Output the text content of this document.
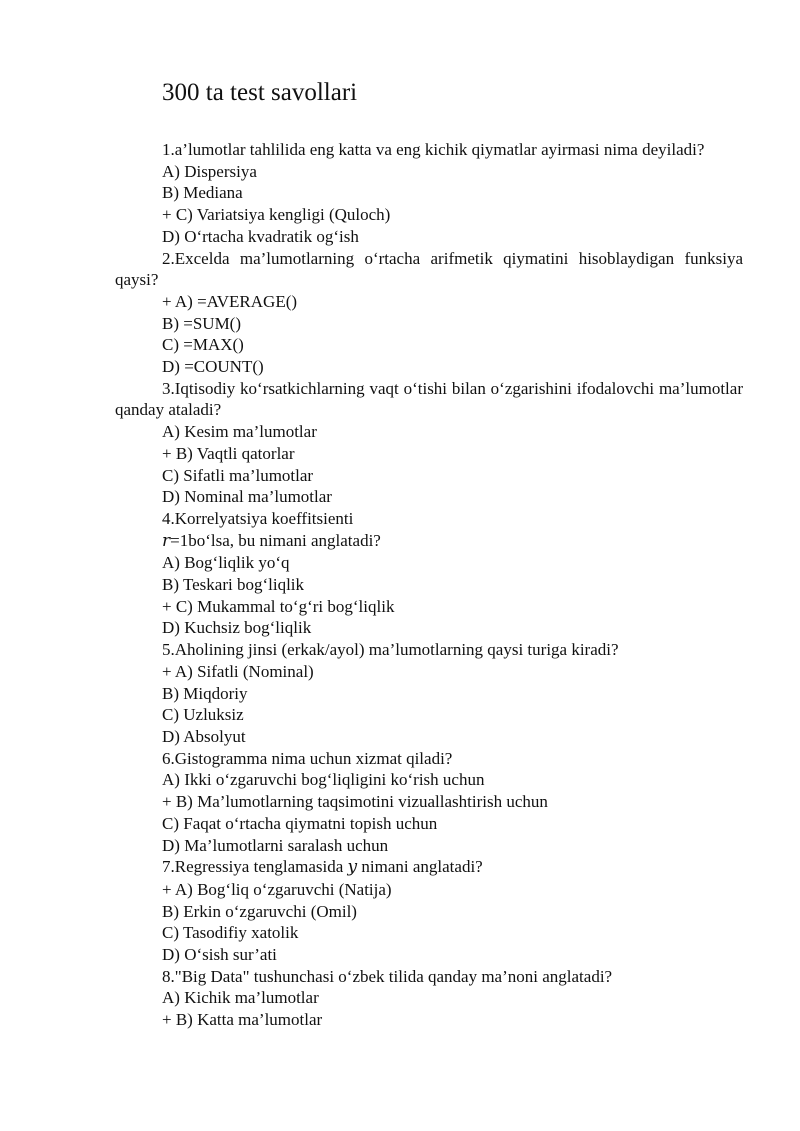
300 ta test savollari

1.a’lumotlar tahlilida eng katta va eng kichik qiymatlar ayirmasi nima deyiladi?

A) Dispersiya

B) Mediana

+ C) Variatsiya kengligi (Quloch)

D) O‘rtacha kvadratik og‘ish

2.Excelda ma’lumotlarning o‘rtacha arifmetik qiymatini hisoblaydigan funksiya qaysi?

+ A) =AVERAGE()

B) =SUM()

C) =MAX()

D) =COUNT()

3.Iqtisodiy ko‘rsatkichlarning vaqt o‘tishi bilan o‘zgarishini ifodalovchi ma’lumotlar qanday ataladi?

A) Kesim ma’lumotlar

+ B) Vaqtli qatorlar

C) Sifatli ma’lumotlar

D) Nominal ma’lumotlar

4.Korrelyatsiya koeffitsienti

r=1bo‘lsa, bu nimani anglatadi?

A) Bog‘liqlik yo‘q

B) Teskari bog‘liqlik

+ C) Mukammal to‘g‘ri bog‘liqlik

D) Kuchsiz bog‘liqlik

5.Aholining jinsi (erkak/ayol) ma’lumotlarning qaysi turiga kiradi?

+ A) Sifatli (Nominal)

B) Miqdoriy

C) Uzluksiz

D) Absolyut

6.Gistogramma nima uchun xizmat qiladi?

A) Ikki o‘zgaruvchi bog‘liqligini ko‘rish uchun

+ B) Ma’lumotlarning taqsimotini vizuallashtirish uchun

C) Faqat o‘rtacha qiymatni topish uchun

D) Ma’lumotlarni saralash uchun

7.Regressiya tenglamasida y nimani anglatadi?

+ A) Bog‘liq o‘zgaruvchi (Natija)

B) Erkin o‘zgaruvchi (Omil)

C) Tasodifiy xatolik

D) O‘sish sur’ati

8."Big Data" tushunchasi o‘zbek tilida qanday ma’noni anglatadi?

A) Kichik ma’lumotlar

+ B) Katta ma’lumotlar
